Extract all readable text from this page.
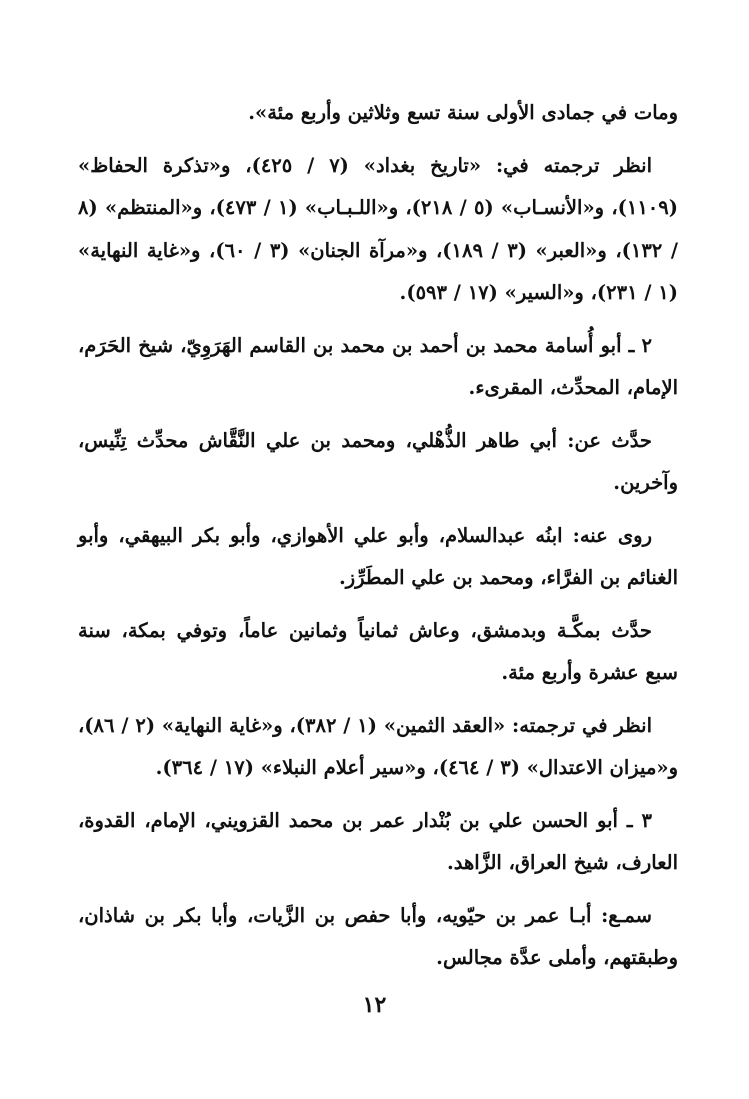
ومات في جمادى الأولى سنة تسع وثلاثين وأربع مئة».

انظر ترجمته في: «تاريخ بغداد» (٧ / ٤٢٥)، و«تذكرة الحفاظ» (١١٠٩)، و«الأنسـاب» (٥ / ٢١٨)، و«اللـبـاب» (١ / ٤٧٣)، و«المنتظم» (٨ / ١٣٢)، و«العبر» (٣ / ١٨٩)، و«مرآة الجنان» (٣ / ٦٠)، و«غاية النهاية» (١ / ٢٣١)، و«السير» (١٧ / ٥٩٣).

٢ ـ أبو أُسامة محمد بن أحمد بن محمد بن القاسم الهَرَوِيّ، شيخ الحَرَم، الإمام، المحدِّث، المقرىء.

حدَّث عن: أبي طاهر الذُّهْلي، ومحمد بن علي النَّقَّاش محدِّث تِنِّيس، وآخرين.

روى عنه: ابنُه عبدالسلام، وأبو علي الأهوازي، وأبو بكر البيهقي، وأبو الغنائم بن الفرَّاء، ومحمد بن علي المطَرِّز.

حدَّث بمكَّـة وبدمشق، وعاش ثمانياً وثمانين عاماً، وتوفي بمكة، سنة سبع عشرة وأربع مئة.

انظر في ترجمته: «العقد الثمين» (١ / ٣٨٢)، و«غاية النهاية» (٢ / ٨٦)، و«ميزان الاعتدال» (٣ / ٤٦٤)، و«سير أعلام النبلاء» (١٧ / ٣٦٤).

٣ ـ أبو الحسن علي بن بُنْدار عمر بن محمد القزويني، الإمام، القدوة، العارف، شيخ العراق، الزَّاهد.

سمـع: أبـا عمر بن حيّويه، وأبا حفص بن الزَّيات، وأبا بكر بن شاذان، وطبقتهم، وأملى عدَّة مجالس.

١٢
